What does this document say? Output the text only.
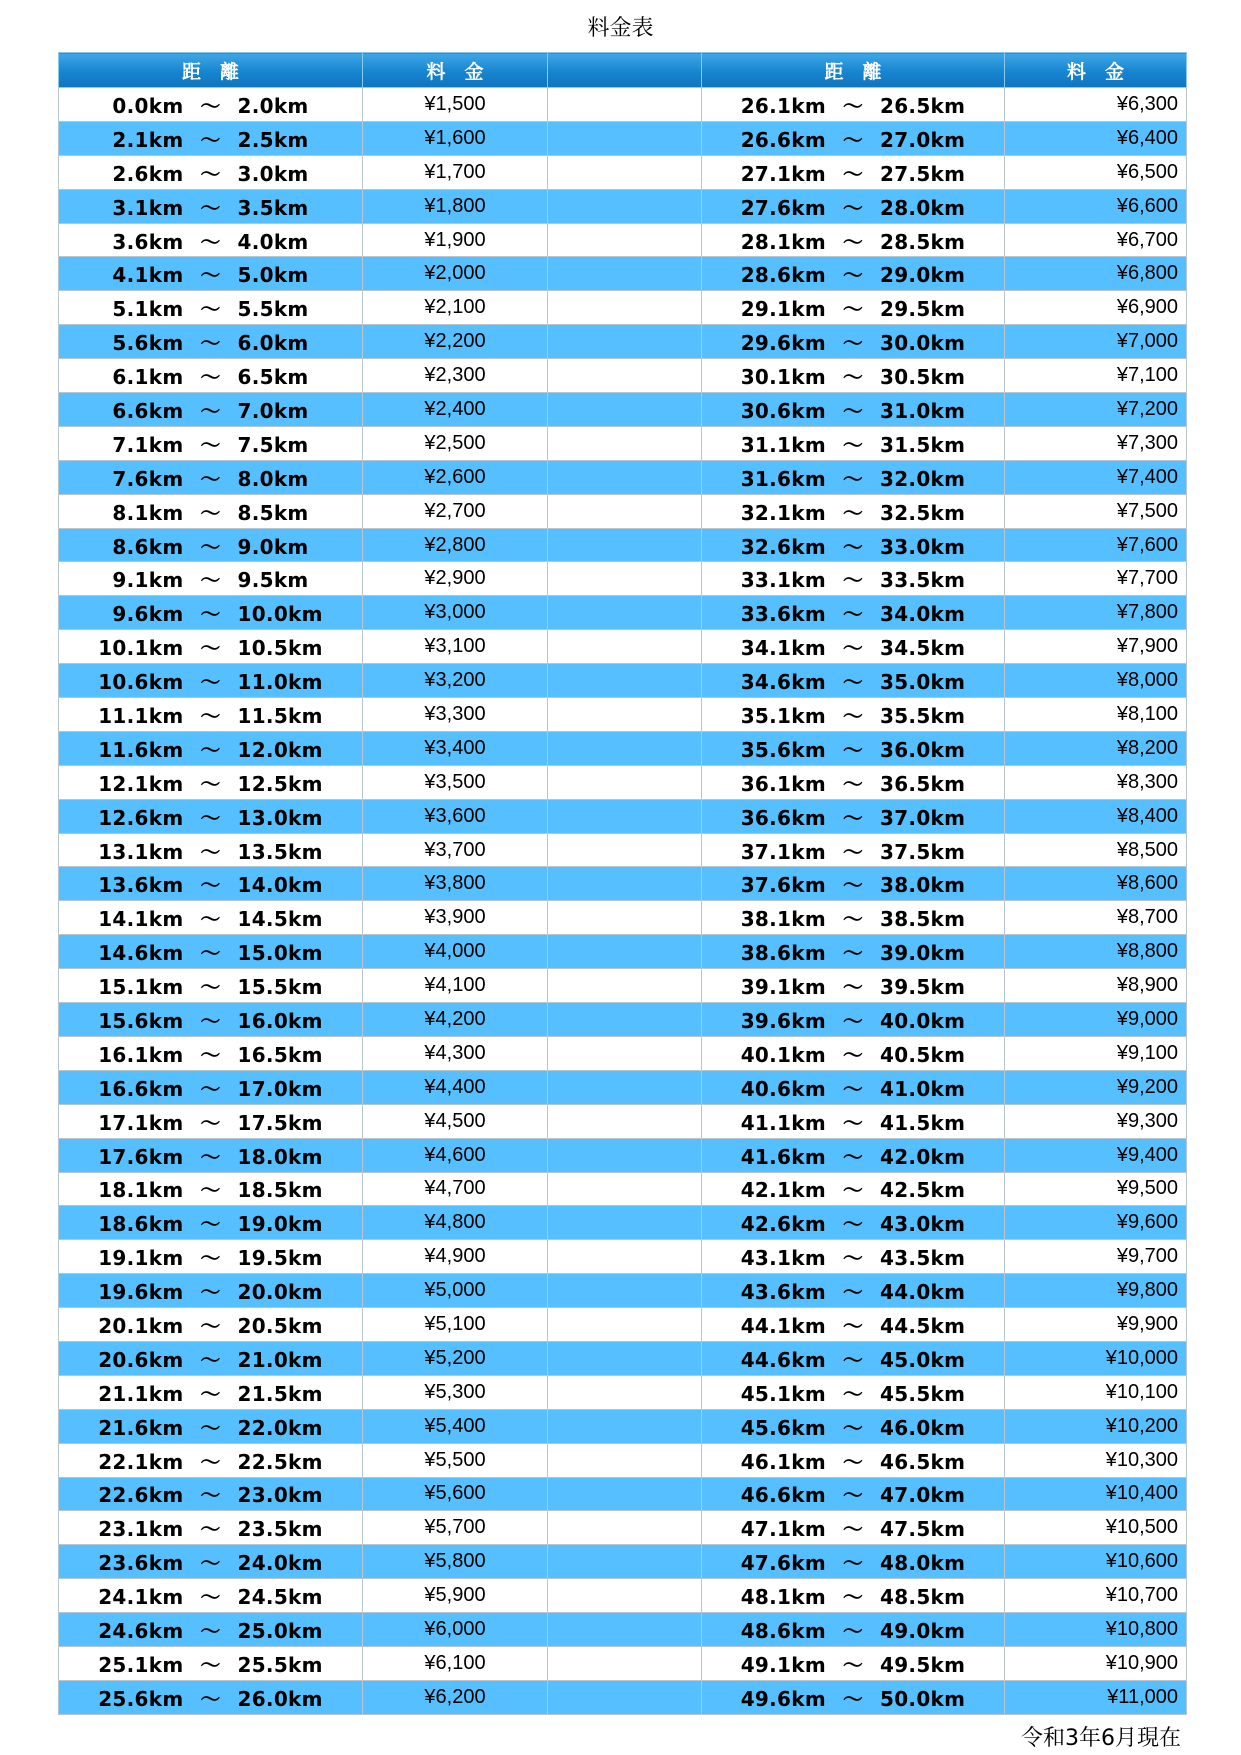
料金表
距　離	料　金		距　離	料　金
0.0km 〜 2.0km	¥1,500		26.1km 〜 26.5km	¥6,300
2.1km 〜 2.5km	¥1,600		26.6km 〜 27.0km	¥6,400
2.6km 〜 3.0km	¥1,700		27.1km 〜 27.5km	¥6,500
3.1km 〜 3.5km	¥1,800		27.6km 〜 28.0km	¥6,600
3.6km 〜 4.0km	¥1,900		28.1km 〜 28.5km	¥6,700
4.1km 〜 5.0km	¥2,000		28.6km 〜 29.0km	¥6,800
5.1km 〜 5.5km	¥2,100		29.1km 〜 29.5km	¥6,900
5.6km 〜 6.0km	¥2,200		29.6km 〜 30.0km	¥7,000
6.1km 〜 6.5km	¥2,300		30.1km 〜 30.5km	¥7,100
6.6km 〜 7.0km	¥2,400		30.6km 〜 31.0km	¥7,200
7.1km 〜 7.5km	¥2,500		31.1km 〜 31.5km	¥7,300
7.6km 〜 8.0km	¥2,600		31.6km 〜 32.0km	¥7,400
8.1km 〜 8.5km	¥2,700		32.1km 〜 32.5km	¥7,500
8.6km 〜 9.0km	¥2,800		32.6km 〜 33.0km	¥7,600
9.1km 〜 9.5km	¥2,900		33.1km 〜 33.5km	¥7,700
9.6km 〜 10.0km	¥3,000		33.6km 〜 34.0km	¥7,800
10.1km 〜 10.5km	¥3,100		34.1km 〜 34.5km	¥7,900
10.6km 〜 11.0km	¥3,200		34.6km 〜 35.0km	¥8,000
11.1km 〜 11.5km	¥3,300		35.1km 〜 35.5km	¥8,100
11.6km 〜 12.0km	¥3,400		35.6km 〜 36.0km	¥8,200
12.1km 〜 12.5km	¥3,500		36.1km 〜 36.5km	¥8,300
12.6km 〜 13.0km	¥3,600		36.6km 〜 37.0km	¥8,400
13.1km 〜 13.5km	¥3,700		37.1km 〜 37.5km	¥8,500
13.6km 〜 14.0km	¥3,800		37.6km 〜 38.0km	¥8,600
14.1km 〜 14.5km	¥3,900		38.1km 〜 38.5km	¥8,700
14.6km 〜 15.0km	¥4,000		38.6km 〜 39.0km	¥8,800
15.1km 〜 15.5km	¥4,100		39.1km 〜 39.5km	¥8,900
15.6km 〜 16.0km	¥4,200		39.6km 〜 40.0km	¥9,000
16.1km 〜 16.5km	¥4,300		40.1km 〜 40.5km	¥9,100
16.6km 〜 17.0km	¥4,400		40.6km 〜 41.0km	¥9,200
17.1km 〜 17.5km	¥4,500		41.1km 〜 41.5km	¥9,300
17.6km 〜 18.0km	¥4,600		41.6km 〜 42.0km	¥9,400
18.1km 〜 18.5km	¥4,700		42.1km 〜 42.5km	¥9,500
18.6km 〜 19.0km	¥4,800		42.6km 〜 43.0km	¥9,600
19.1km 〜 19.5km	¥4,900		43.1km 〜 43.5km	¥9,700
19.6km 〜 20.0km	¥5,000		43.6km 〜 44.0km	¥9,800
20.1km 〜 20.5km	¥5,100		44.1km 〜 44.5km	¥9,900
20.6km 〜 21.0km	¥5,200		44.6km 〜 45.0km	¥10,000
21.1km 〜 21.5km	¥5,300		45.1km 〜 45.5km	¥10,100
21.6km 〜 22.0km	¥5,400		45.6km 〜 46.0km	¥10,200
22.1km 〜 22.5km	¥5,500		46.1km 〜 46.5km	¥10,300
22.6km 〜 23.0km	¥5,600		46.6km 〜 47.0km	¥10,400
23.1km 〜 23.5km	¥5,700		47.1km 〜 47.5km	¥10,500
23.6km 〜 24.0km	¥5,800		47.6km 〜 48.0km	¥10,600
24.1km 〜 24.5km	¥5,900		48.1km 〜 48.5km	¥10,700
24.6km 〜 25.0km	¥6,000		48.6km 〜 49.0km	¥10,800
25.1km 〜 25.5km	¥6,100		49.1km 〜 49.5km	¥10,900
25.6km 〜 26.0km	¥6,200		49.6km 〜 50.0km	¥11,000
令和3年6月現在
